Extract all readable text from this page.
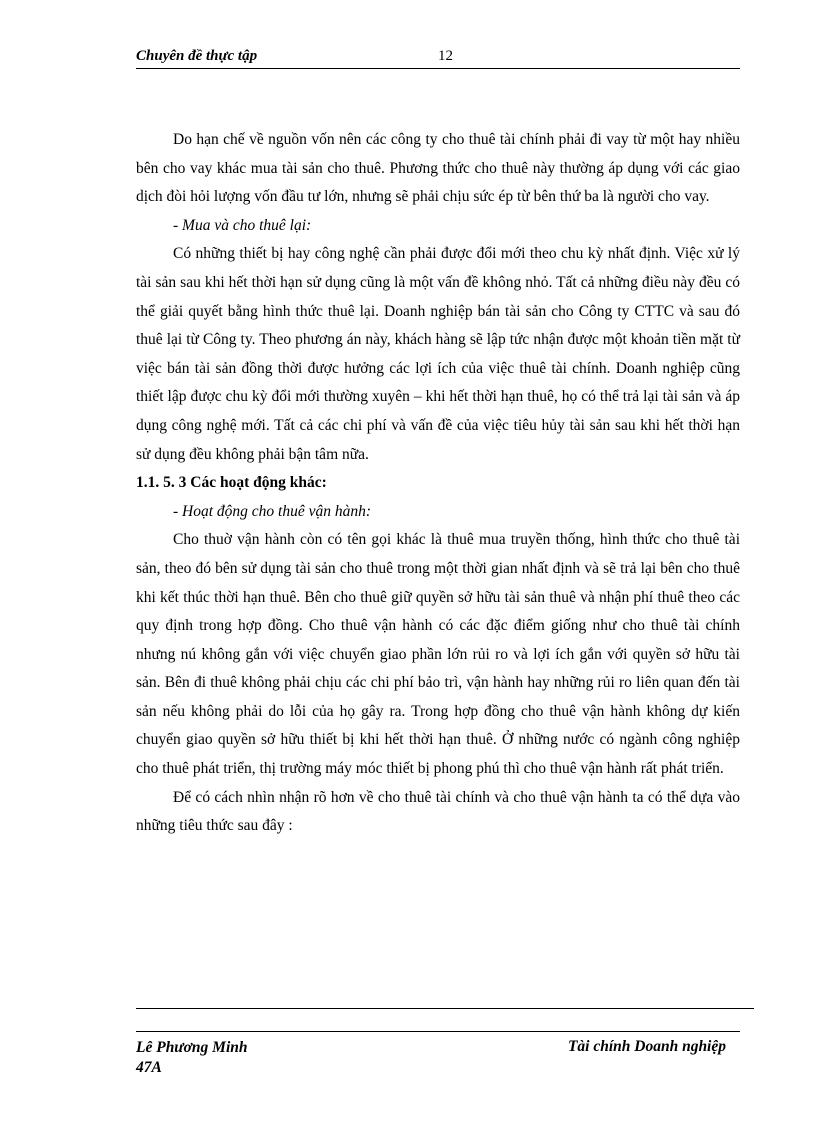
Chuyên đề thực tập	12

Do hạn chế về nguồn vốn nên các công ty cho thuê tài chính phải đi vay từ một hay nhiều bên cho vay khác mua tài sản cho thuê. Phương thức cho thuê này thường áp dụng với các giao dịch đòi hỏi lượng vốn đầu tư lớn, nhưng sẽ phải chịu sức ép từ bên thứ ba là người cho vay.

- Mua và cho thuê lại:

Có những thiết bị hay công nghệ cần phải được đổi mới theo chu kỳ nhất định. Việc xử lý tài sản sau khi hết thời hạn sử dụng cũng là một vấn đề không nhỏ. Tất cả những điều này đều có thể giải quyết bằng hình thức thuê lại. Doanh nghiệp bán tài sản cho Công ty CTTC và sau đó thuê lại từ Công ty. Theo phương án này, khách hàng sẽ lập tức nhận được một khoản tiền mặt từ việc bán tài sản đồng thời được hưởng các lợi ích của việc thuê tài chính. Doanh nghiệp cũng thiết lập được chu kỳ đổi mới thường xuyên – khi hết thời hạn thuê, họ có thể trả lại tài sản và áp dụng công nghệ mới. Tất cả các chi phí và vấn đề của việc tiêu hủy tài sản sau khi hết thời hạn sử dụng đều không phải bận tâm nữa.

1.1. 5. 3 Các hoạt động khác:

- Hoạt động cho thuê vận hành:

Cho thuờ vận hành còn có tên gọi khác là thuê mua truyền thống, hình thức cho thuê tài sản, theo đó bên sử dụng tài sản cho thuê trong một thời gian nhất định và sẽ trả lại bên cho thuê khi kết thúc thời hạn thuê. Bên cho thuê giữ quyền sở hữu tài sản thuê và nhận phí thuê theo các quy định trong hợp đồng. Cho thuê vận hành có các đặc điểm giống như cho thuê tài chính nhưng nú không gắn với việc chuyển giao phần lớn rủi ro và lợi ích gắn với quyền sở hữu tài sản. Bên đi thuê không phải chịu các chi phí bảo trì, vận hành hay những rủi ro liên quan đến tài sản nếu không phải do lỗi của họ gây ra. Trong hợp đồng cho thuê vận hành không dự kiến chuyển giao quyền sở hữu thiết bị khi hết thời hạn thuê. Ở những nước có ngành công nghiệp cho thuê phát triển, thị trường máy móc thiết bị phong phú thì cho thuê vận hành rất phát triển.

Để có cách nhìn nhận rõ hơn về cho thuê tài chính và cho thuê vận hành ta có thể dựa vào những tiêu thức sau đây :

Lê Phương Minh
47A
Tài chính Doanh nghiệp
